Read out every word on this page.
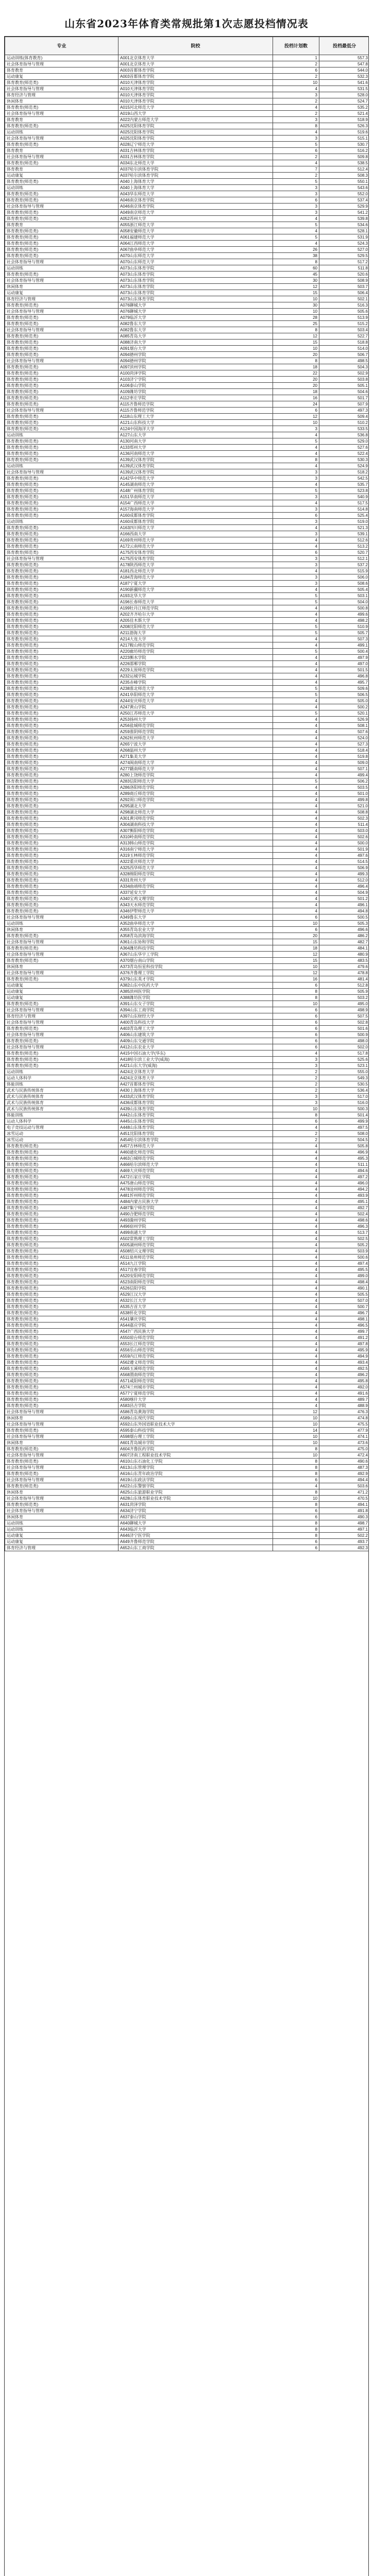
山东省2023年体育类常规批第1次志愿投档情况表
专业	院校	投档计划数	投档最低分
运动训练(体育教育)	A001北京体育大学	1	557.3
社会体育指导与管理	A001北京体育大学	2	547.8
体育教育	A003首都体育学院	6	544.0
运动康复	A003首都体育学院	2	532.3
体育教育(师范类)	A010天津体育学院	10	541.6
社会体育指导与管理	A010天津体育学院	4	531.5
体育经济与管理	A010天津体育学院	3	528.0
休闲体育	A010天津体育学院	2	524.7
体育教育(师范类)	A015河北师范大学	4	535.2
社会体育指导与管理	A019山西大学	2	521.4
体育教育	A022内蒙古师范大学	3	518.9
体育教育(师范类)	A025沈阳体育学院	8	526.3
运动训练	A025沈阳体育学院	4	519.6
社会体育指导与管理	A025沈阳体育学院	3	515.1
体育教育(师范类)	A028辽宁师范大学	5	530.7
体育教育	A031吉林体育学院	6	516.2
社会体育指导与管理	A031吉林体育学院	2	509.8
体育教育(师范类)	A034东北师范大学	4	538.5
体育教育	A037哈尔滨体育学院	7	512.4
运动康复	A037哈尔滨体育学院	2	508.3
体育教育(师范类)	A040上海体育大学	5	550.1
运动训练	A040上海体育大学	3	543.6
体育教育(师范类)	A043华东师范大学	3	552.0
体育教育(师范类)	A046南京体育学院	6	537.4
社会体育指导与管理	A046南京体育学院	3	529.9
体育教育(师范类)	A049南京师范大学	3	541.2
体育教育(师范类)	A052苏州大学	4	539.8
体育教育	A055浙江师范大学	5	534.6
体育教育(师范类)	A058安徽师范大学	4	528.1
体育教育(师范类)	A061福建师范大学	5	531.9
体育教育(师范类)	A064江西师范大学	4	524.3
体育教育(师范类)	A067曲阜师范大学	26	527.0
体育教育(师范类)	A070山东师范大学	38	529.5
社会体育指导与管理	A070山东师范大学	8	517.2
运动训练	A073山东体育学院	60	511.8
体育教育(师范类)	A073山东体育学院	45	520.6
社会体育指导与管理	A073山东体育学院	30	508.9
休闲体育	A073山东体育学院	12	503.7
运动康复	A073山东体育学院	15	506.4
体育经济与管理	A073山东体育学院	10	502.1
体育教育(师范类)	A076聊城大学	30	516.3
社会体育指导与管理	A076聊城大学	10	505.6
体育教育(师范类)	A079临沂大学	28	513.9
体育教育(师范类)	A082鲁东大学	25	515.2
社会体育指导与管理	A082鲁东大学	8	503.4
体育教育(师范类)	A085青岛大学	12	522.7
体育教育(师范类)	A088济南大学	15	518.8
体育教育(师范类)	A091烟台大学	10	514.0
体育教育(师范类)	A094德州学院	20	506.7
社会体育指导与管理	A094德州学院	8	498.5
体育教育(师范类)	A097滨州学院	18	504.3
体育教育(师范类)	A100菏泽学院	22	502.9
体育教育(师范类)	A103济宁学院	20	503.8
体育教育(师范类)	A106泰山学院	20	505.1
体育教育(师范类)	A109潍坊学院	18	504.6
体育教育(师范类)	A112枣庄学院	16	501.7
体育教育(师范类)	A115齐鲁师范学院	24	507.9
社会体育指导与管理	A115齐鲁师范学院	6	497.3
体育教育(师范类)	A118山东理工大学	12	509.4
体育教育(师范类)	A121山东科技大学	10	510.2
体育教育(师范类)	A124中国海洋大学	3	533.5
运动训练	A127山东大学	4	536.8
体育教育(师范类)	A130河南大学	5	529.0
体育教育(师范类)	A133郑州大学	4	527.6
体育教育(师范类)	A136河南师范大学	4	522.4
体育教育(师范类)	A139武汉体育学院	8	530.3
运动训练	A139武汉体育学院	4	524.9
社会体育指导与管理	A139武汉体育学院	3	518.2
体育教育(师范类)	A142华中师范大学	3	542.5
体育教育(师范类)	A145湖南师范大学	4	535.7
体育教育(师范类)	A148广州体育学院	5	523.8
体育教育(师范类)	A151华南师范大学	3	540.9
体育教育(师范类)	A154广西师范大学	4	517.5
体育教育(师范类)	A157海南师范大学	3	514.8
体育教育(师范类)	A160成都体育学院	6	525.4
运动训练	A160成都体育学院	3	519.0
体育教育(师范类)	A163四川师范大学	4	521.3
体育教育(师范类)	A166西南大学	3	539.1
体育教育(师范类)	A169贵州师范大学	4	512.6
体育教育(师范类)	A172云南师范大学	4	513.2
体育教育(师范类)	A175西安体育学院	6	520.7
社会体育指导与管理	A175西安体育学院	3	512.1
体育教育(师范类)	A178陕西师范大学	3	537.2
体育教育(师范类)	A181西北师范大学	4	515.9
体育教育(师范类)	A184青海师范大学	3	506.0
体育教育(师范类)	A187宁夏大学	3	508.6
体育教育(师范类)	A190新疆师范大学	4	505.4
体育教育(师范类)	A193北华大学	5	503.1
体育教育(师范类)	A196长春师范大学	5	504.0
体育教育(师范类)	A199牡丹江师范学院	4	500.8
体育教育(师范类)	A202齐齐哈尔大学	4	499.6
体育教育(师范类)	A205佳木斯大学	4	498.2
体育教育(师范类)	A208沈阳师范大学	5	510.9
体育教育(师范类)	A211渤海大学	5	505.7
体育教育(师范类)	A214大连大学	4	507.3
体育教育(师范类)	A217鞍山师范学院	4	499.1
体育教育(师范类)	A220廊坊师范学院	5	500.4
体育教育(师范类)	A223衡水学院	4	497.9
体育教育(师范类)	A226邯郸学院	4	497.0
体育教育(师范类)	A229太原师范学院	4	501.5
体育教育(师范类)	A232运城学院	4	496.8
体育教育(师范类)	A235赤峰学院	4	495.7
体育教育(师范类)	A238淮北师范大学	5	509.6
体育教育(师范类)	A241阜阳师范大学	5	506.5
体育教育(师范类)	A244安庆师范大学	4	505.0
体育教育(师范类)	A247黄山学院	4	500.2
体育教育(师范类)	A250江苏师范大学	5	520.1
体育教育(师范类)	A253扬州大学	4	526.9
体育教育(师范类)	A256盐城师范学院	4	508.1
体育教育(师范类)	A259淮阴师范学院	4	507.6
体育教育(师范类)	A262杭州师范大学	4	524.0
体育教育(师范类)	A265宁波大学	4	527.3
体育教育(师范类)	A268温州大学	4	518.4
体育教育(师范类)	A271集美大学	4	519.8
体育教育(师范类)	A274闽南师范大学	4	509.0
体育教育(师范类)	A277赣南师范大学	4	507.1
体育教育(师范类)	A280上饶师范学院	4	499.4
体育教育(师范类)	A283信阳师范大学	5	506.2
体育教育(师范类)	A286洛阳师范学院	4	503.5
体育教育(师范类)	A289商丘师范学院	4	501.0
体育教育(师范类)	A292周口师范学院	4	499.8
体育教育(师范类)	A295湖北大学	4	521.0
体育教育(师范类)	A298湖北师范大学	4	508.8
体育教育(师范类)	A301黄冈师范学院	4	502.3
体育教育(师范类)	A304湖南科技大学	4	511.4
体育教育(师范类)	A307衡阳师范学院	4	503.0
体育教育(师范类)	A310岭南师范学院	4	502.6
体育教育(师范类)	A313韩山师范学院	4	500.0
体育教育(师范类)	A316南宁师范大学	4	501.9
体育教育(师范类)	A319玉林师范学院	4	497.6
体育教育(师范类)	A322重庆师范大学	4	514.5
体育教育(师范类)	A325西华师范大学	4	506.9
体育教育(师范类)	A328绵阳师范学院	4	499.3
体育教育(师范类)	A331贵州大学	4	512.0
体育教育(师范类)	A334曲靖师范学院	4	496.4
体育教育(师范类)	A337延安大学	4	504.9
体育教育(师范类)	A340宝鸡文理学院	4	501.2
体育教育(师范类)	A343天水师范学院	4	496.1
体育教育(师范类)	A346伊犁师范大学	4	494.8
社会体育指导与管理	A349鲁东大学	6	500.5
运动训练	A352曲阜师范大学	10	505.3
休闲体育	A355青岛农业大学	6	496.6
体育教育(师范类)	A358青岛滨海学院	20	486.2
社会体育指导与管理	A361山东协和学院	15	482.7
体育教育(师范类)	A364潍坊科技学院	18	484.1
社会体育指导与管理	A367山东华宇工学院	12	480.9
体育教育(师范类)	A370烟台南山学院	15	483.5
休闲体育	A373青岛恒星科技学院	10	479.6
社会体育指导与管理	A376齐鲁理工学院	12	478.8
体育教育(师范类)	A379山东英才学院	16	481.4
运动康复	A382山东中医药大学	6	512.8
运动康复	A385滨州医学院	8	505.9
运动康复	A388潍坊医学院	8	503.2
体育教育(师范类)	A391山东女子学院	10	495.0
社会体育指导与管理	A394山东工商学院	6	498.9
体育经济与管理	A397山东财经大学	6	507.5
社会体育指导与管理	A400青岛科技大学	6	502.8
体育教育(师范类)	A403青岛理工大学	6	501.6
社会体育指导与管理	A406山东建筑大学	6	500.9
体育教育(师范类)	A409山东交通学院	6	498.0
社会体育指导与管理	A412山东农业大学	6	502.0
体育教育(师范类)	A415中国石油大学(华东)	4	517.8
体育教育(师范类)	A418哈尔滨工业大学(威海)	3	525.6
体育教育(师范类)	A421山东大学(威海)	3	523.1
运动训练	A424北京体育大学	2	555.0
运动人体科学	A424北京体育大学	2	549.3
体能训练	A427首都体育学院	2	530.5
武术与民族传统体育	A430上海体育大学	2	536.4
武术与民族传统体育	A433武汉体育学院	3	517.0
武术与民族传统体育	A436成都体育学院	3	516.0
武术与民族传统体育	A439山东体育学院	10	500.3
体能训练	A442山东体育学院	8	501.4
运动人体科学	A445山东体育学院	6	499.9
电子竞技运动与管理	A448山东体育学院	4	497.5
冰雪运动	A451沈阳体育学院	2	508.0
冰雪运动	A454哈尔滨体育学院	2	504.5
体育教育(师范类)	A457吉林师范大学	4	505.8
体育教育(师范类)	A460通化师范学院	4	496.9
体育教育(师范类)	A463白城师范学院	4	495.3
体育教育(师范类)	A466哈尔滨师范大学	4	511.1
体育教育(师范类)	A469大庆师范学院	4	494.6
体育教育(师范类)	A472石家庄学院	4	497.2
体育教育(师范类)	A475唐山师范学院	4	496.0
体育教育(师范类)	A478沧州师范学院	4	494.2
体育教育(师范类)	A481忻州师范学院	4	493.9
体育教育(师范类)	A484内蒙古民族大学	4	495.1
体育教育(师范类)	A487集宁师范学院	4	492.7
体育教育(师范类)	A490合肥师范学院	4	502.4
体育教育(师范类)	A493滁州学院	4	498.6
体育教育(师范类)	A496宿州学院	4	496.3
体育教育(师范类)	A499南通大学	4	513.7
体育教育(师范类)	A502常熟理工学院	4	502.5
体育教育(师范类)	A505湖州师范学院	4	505.2
体育教育(师范类)	A508绍兴文理学院	4	503.9
体育教育(师范类)	A511泉州师范学院	4	500.6
体育教育(师范类)	A514九江学院	4	497.4
体育教育(师范类)	A517宜春学院	4	495.5
体育教育(师范类)	A520安阳师范学院	4	499.0
体育教育(师范类)	A523南阳师范学院	4	498.4
体育教育(师范类)	A526信阳学院	4	490.1
体育教育(师范类)	A529江汉大学	4	505.5
体育教育(师范类)	A532长江大学	4	507.0
体育教育(师范类)	A535吉首大学	4	500.7
体育教育(师范类)	A538怀化学院	4	496.7
体育教育(师范类)	A541肇庆学院	4	498.1
体育教育(师范类)	A544嘉应学院	4	496.5
体育教育(师范类)	A547广西民族大学	4	499.7
体育教育(师范类)	A550琼台师范学院	4	491.2
体育教育(师范类)	A553长江师范学院	4	497.8
体育教育(师范类)	A556乐山师范学院	4	495.9
体育教育(师范类)	A559内江师范学院	4	494.9
体育教育(师范类)	A562遵义师范学院	4	493.4
体育教育(师范类)	A565玉溪师范学院	4	492.5
体育教育(师范类)	A568渭南师范学院	4	496.2
体育教育(师范类)	A571咸阳师范学院	4	495.8
体育教育(师范类)	A574兰州城市学院	4	492.0
体育教育(师范类)	A577宁夏师范学院	4	491.6
体育教育(师范类)	A580喀什大学	4	489.7
体育教育(师范类)	A583昌吉学院	4	488.9
社会体育指导与管理	A586青岛黄海学院	12	476.3
休闲体育	A589山东现代学院	10	474.8
社会体育指导与管理	A592山东外国语职业技术大学	10	475.5
体育教育(师范类)	A595泰山科技学院	14	477.9
社会体育指导与管理	A598烟台理工学院	10	474.1
休闲体育	A601青岛城市学院	10	473.6
体育教育(师范类)	A604齐鲁医药学院	8	475.0
社会体育指导与管理	A607济南工程职业技术学院	10	472.4
体育教育(师范类)	A610山东石油化工学院	8	490.6
社会体育指导与管理	A613山东管理学院	8	487.3
体育教育(师范类)	A616山东青年政治学院	8	492.9
社会体育指导与管理	A619山东政法学院	6	494.4
体育教育(师范类)	A622山东警察学院	4	503.6
休闲体育	A625山东旅游职业学院	8	471.2
社会体育指导与管理	A628山东体育职业技术学院	10	470.5
体育教育(师范类)	A631菏泽学院	8	494.1
社会体育指导与管理	A634济宁学院	6	491.8
休闲体育	A637泰山学院	6	490.3
运动训练	A640聊城大学	8	498.7
运动训练	A643临沂大学	8	497.1
运动康复	A646济宁医学院	8	502.2
运动康复	A649齐鲁师范学院	6	493.7
体育经济与管理	A652山东工商学院	6	492.3
